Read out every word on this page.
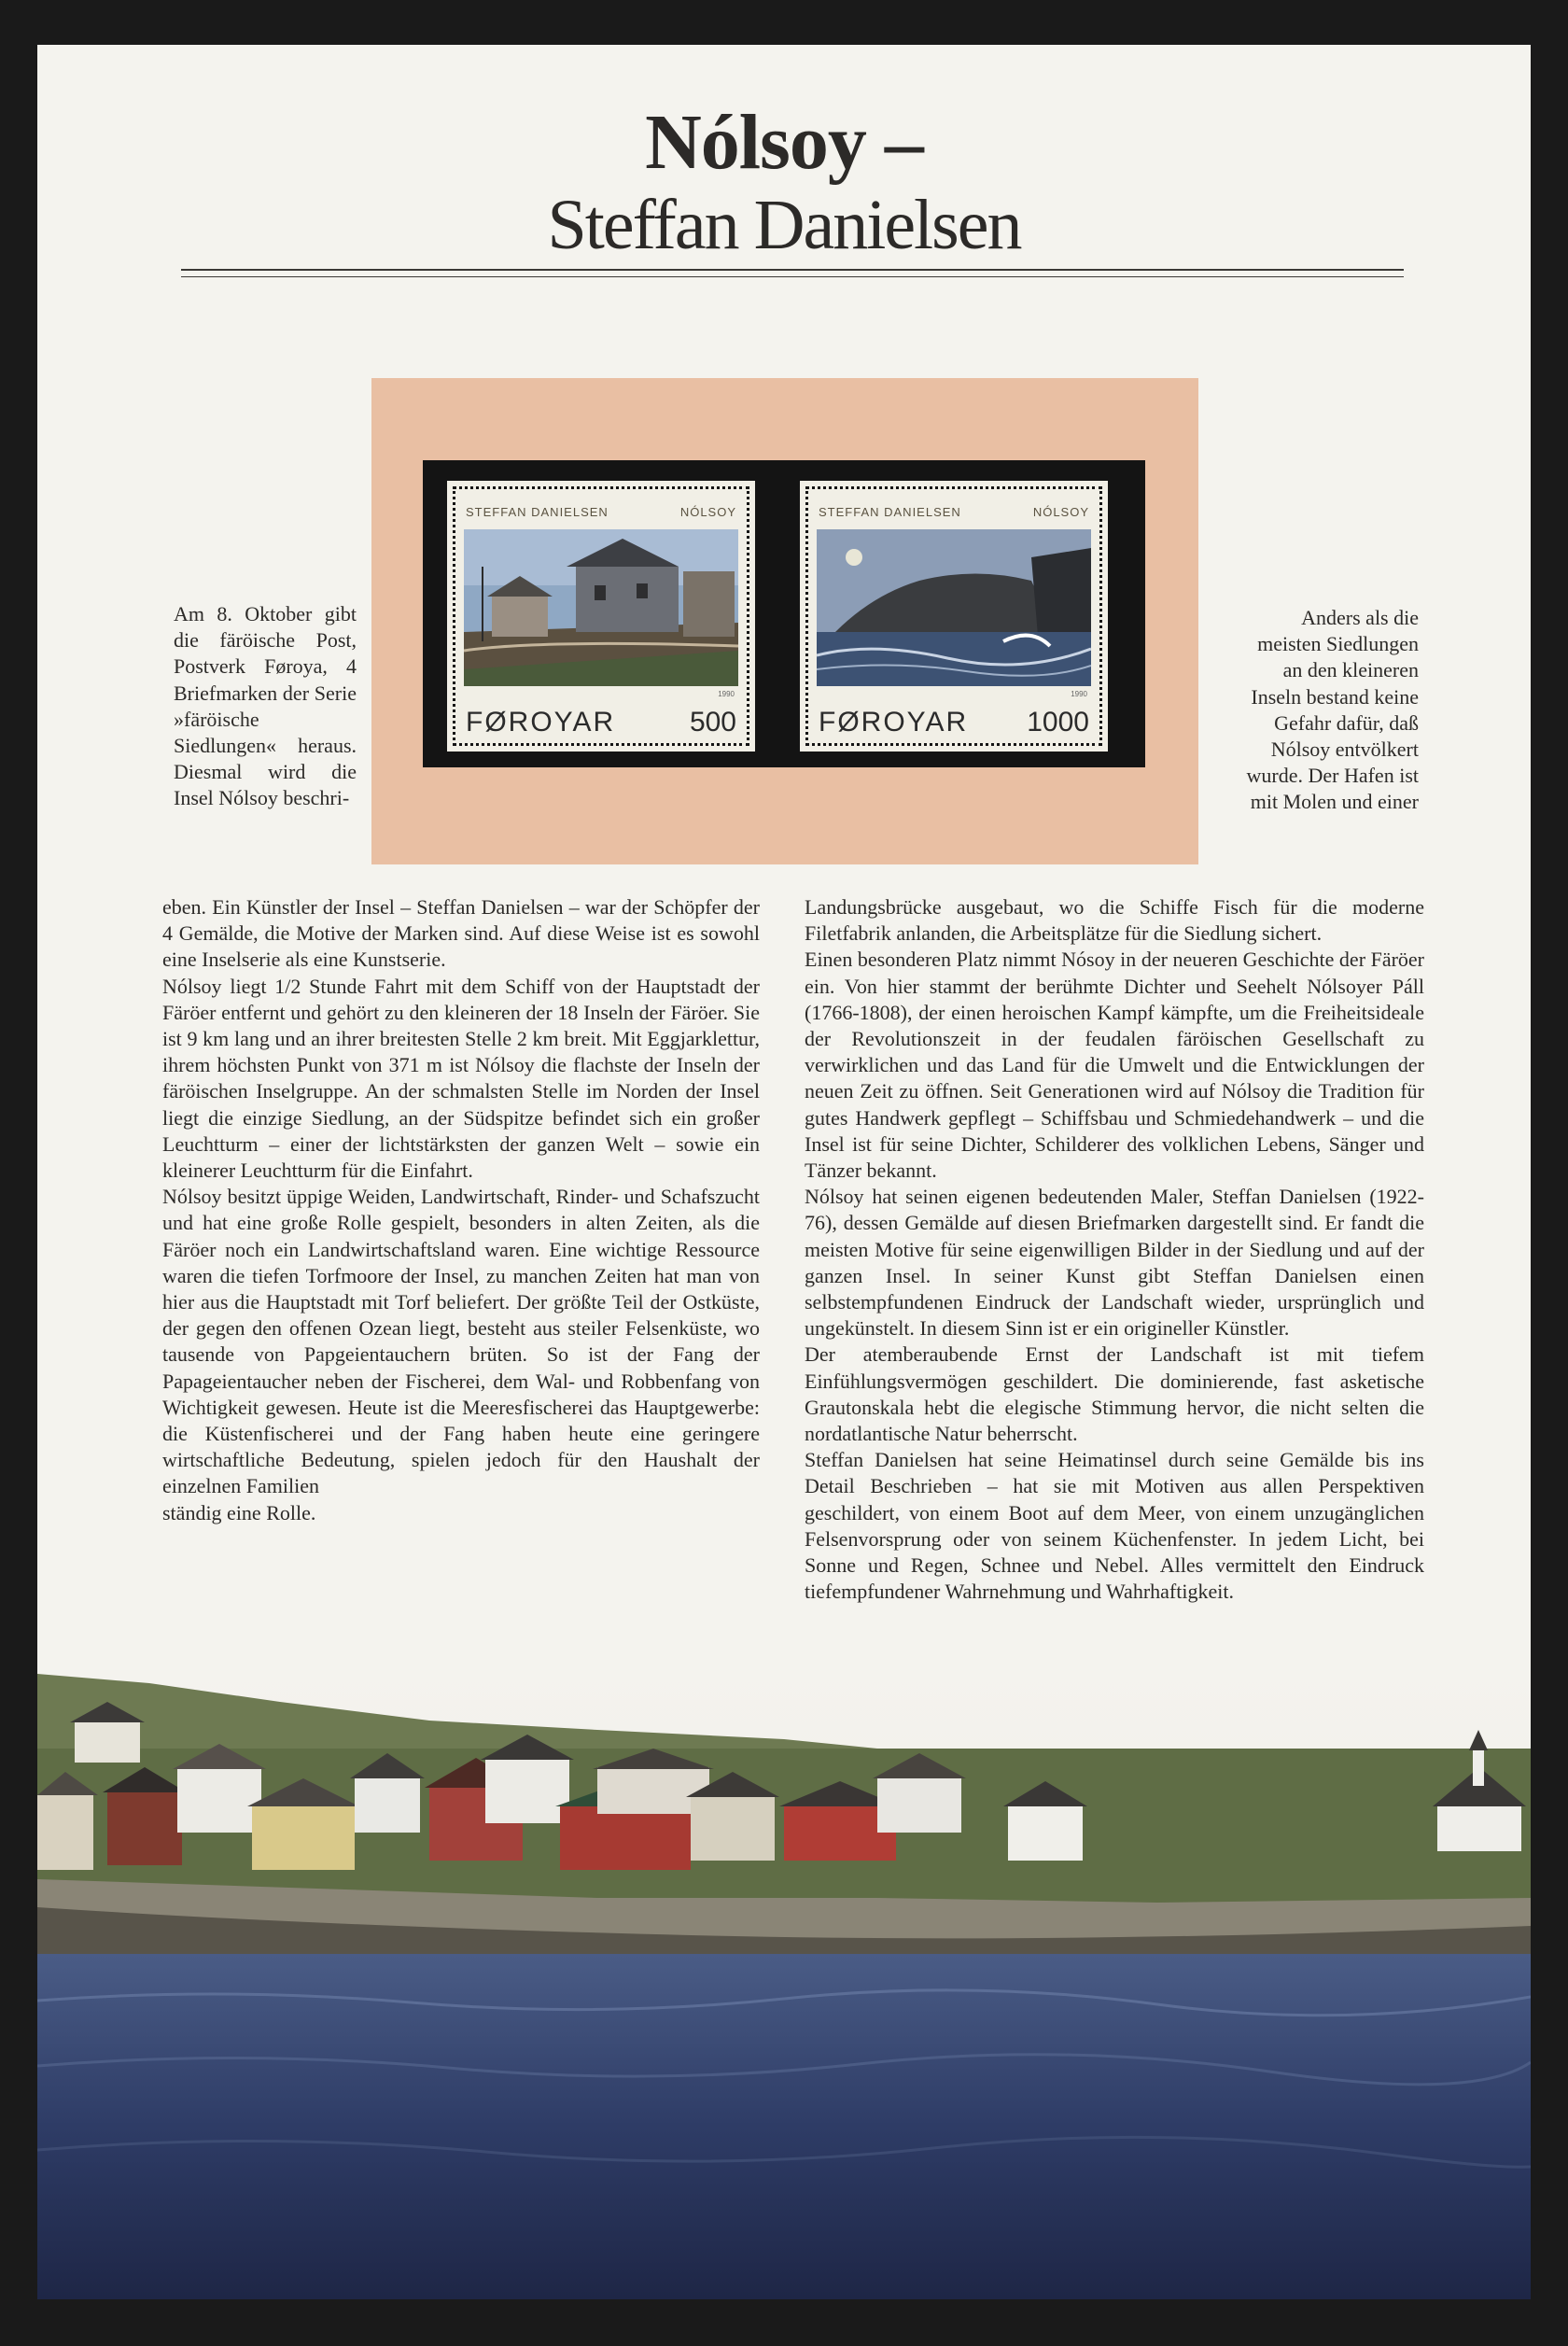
Nólsoy –
Steffan Danielsen
STEFFAN DANIELSEN	NÓLSOY
1990
FØROYAR	500
STEFFAN DANIELSEN	NÓLSOY
1990
FØROYAR 1000
Am 8. Oktober gibt die färöische Post, Postverk Føroya, 4 Briefmarken der Serie »färöische Siedlungen« heraus. Diesmal wird die Insel Nólsoy beschri-
Anders als die meisten Siedlungen an den kleineren Inseln bestand keine Gefahr dafür, daß Nólsoy entvölkert wurde. Der Hafen ist mit Molen und einer

eben. Ein Künstler der Insel – Steffan Danielsen – war der Schöpfer der 4 Gemälde, die Motive der Marken sind. Auf diese Weise ist es sowohl eine Inselserie als eine Kunstserie.

Nólsoy liegt 1/2 Stunde Fahrt mit dem Schiff von der Hauptstadt der Färöer entfernt und gehört zu den kleineren der 18 Inseln der Färöer. Sie ist 9 km lang und an ihrer breitesten Stelle 2 km breit. Mit Eggjarklettur, ihrem höchsten Punkt von 371 m ist Nólsoy die flachste der Inseln der färöischen Inselgruppe. An der schmalsten Stelle im Norden der Insel liegt die einzige Siedlung, an der Südspitze befindet sich ein großer Leuchtturm – einer der lichtstärksten der ganzen Welt – sowie ein kleinerer Leuchtturm für die Einfahrt.

Nólsoy besitzt üppige Weiden, Landwirtschaft, Rinder- und Schafszucht und hat eine große Rolle gespielt, besonders in alten Zeiten, als die Färöer noch ein Landwirtschaftsland waren. Eine wichtige Ressource waren die tiefen Torfmoore der Insel, zu manchen Zeiten hat man von hier aus die Hauptstadt mit Torf beliefert. Der größte Teil der Ostküste, der gegen den offenen Ozean liegt, besteht aus steiler Felsenküste, wo tausende von Papgeientauchern brüten. So ist der Fang der Papageientaucher neben der Fischerei, dem Wal- und Robbenfang von Wichtigkeit gewesen. Heute ist die Meeresfischerei das Hauptgewerbe: die Küstenfischerei und der Fang haben heute eine geringere wirtschaftliche Bedeutung, spielen jedoch für den Haushalt der einzelnen Familien

ständig eine Rolle.

Landungsbrücke ausgebaut, wo die Schiffe Fisch für die moderne Filetfabrik anlanden, die Arbeitsplätze für die Siedlung sichert.

Einen besonderen Platz nimmt Nósoy in der neueren Geschichte der Färöer ein. Von hier stammt der berühmte Dichter und Seehelt Nólsoyer Páll (1766-1808), der einen heroischen Kampf kämpfte, um die Freiheitsideale der Revolutionszeit in der feudalen färöischen Gesellschaft zu verwirklichen und das Land für die Umwelt und die Entwicklungen der neuen Zeit zu öffnen. Seit Generationen wird auf Nólsoy die Tradition für gutes Handwerk gepflegt – Schiffsbau und Schmiedehandwerk – und die Insel ist für seine Dichter, Schilderer des volklichen Lebens, Sänger und Tänzer bekannt.

Nólsoy hat seinen eigenen bedeutenden Maler, Steffan Danielsen (1922-76), dessen Gemälde auf diesen Briefmarken dargestellt sind. Er fandt die meisten Motive für seine eigenwilligen Bilder in der Siedlung und auf der ganzen Insel. In seiner Kunst gibt Steffan Danielsen einen selbstempfundenen Eindruck der Landschaft wieder, ursprünglich und ungekünstelt. In diesem Sinn ist er ein origineller Künstler.

Der atemberaubende Ernst der Landschaft ist mit tiefem Einfühlungsvermögen geschildert. Die dominierende, fast asketische Grautonskala hebt die elegische Stimmung hervor, die nicht selten die nordatlantische Natur beherrscht.

Steffan Danielsen hat seine Heimatinsel durch seine Gemälde bis ins Detail Beschrieben – hat sie mit Motiven aus allen Perspektiven geschildert, von einem Boot auf dem Meer, von einem unzugänglichen Felsenvorsprung oder von seinem Küchenfenster. In jedem Licht, bei Sonne und Regen, Schnee und Nebel. Alles vermittelt den Eindruck tiefempfundener Wahrnehmung und Wahrhaftigkeit.
